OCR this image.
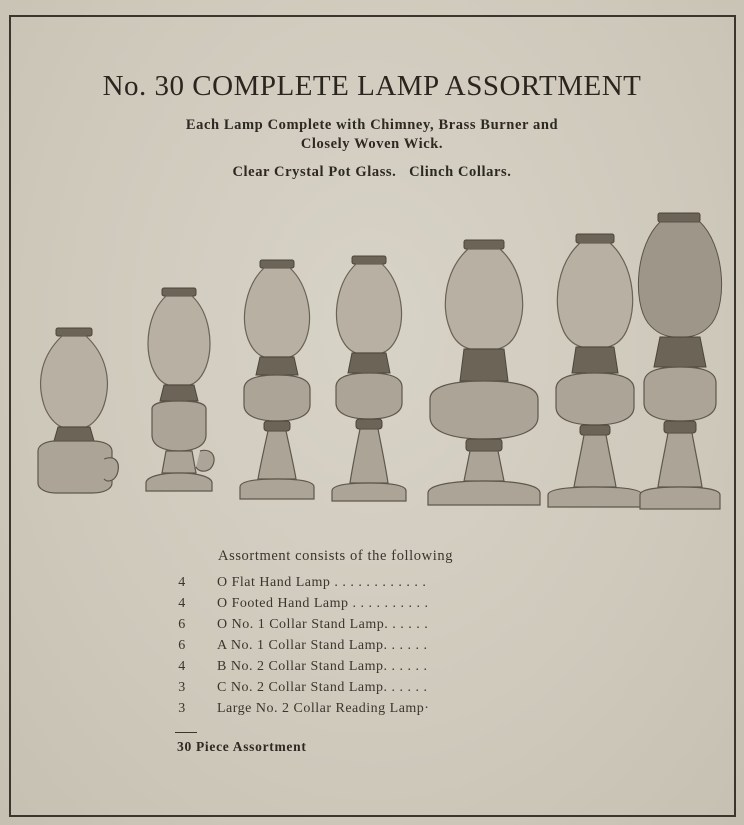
No. 30 COMPLETE LAMP ASSORTMENT

Each Lamp Complete with Chimney, Brass Burner and

Closely Woven Wick.

Clear Crystal Pot Glass.   Clinch Collars.

Assortment consists of the following

4	O Flat Hand Lamp . . . . . . . . . . . .
4	O Footed Hand Lamp . . . . . . . . . .
6	O No. 1 Collar Stand Lamp. . . . . .
6	A No. 1 Collar Stand Lamp. . . . . .
4	B No. 2 Collar Stand Lamp. . . . . .
3	C No. 2 Collar Stand Lamp. . . . . .
3	Large No. 2 Collar Reading Lamp·

30 Piece Assortment
